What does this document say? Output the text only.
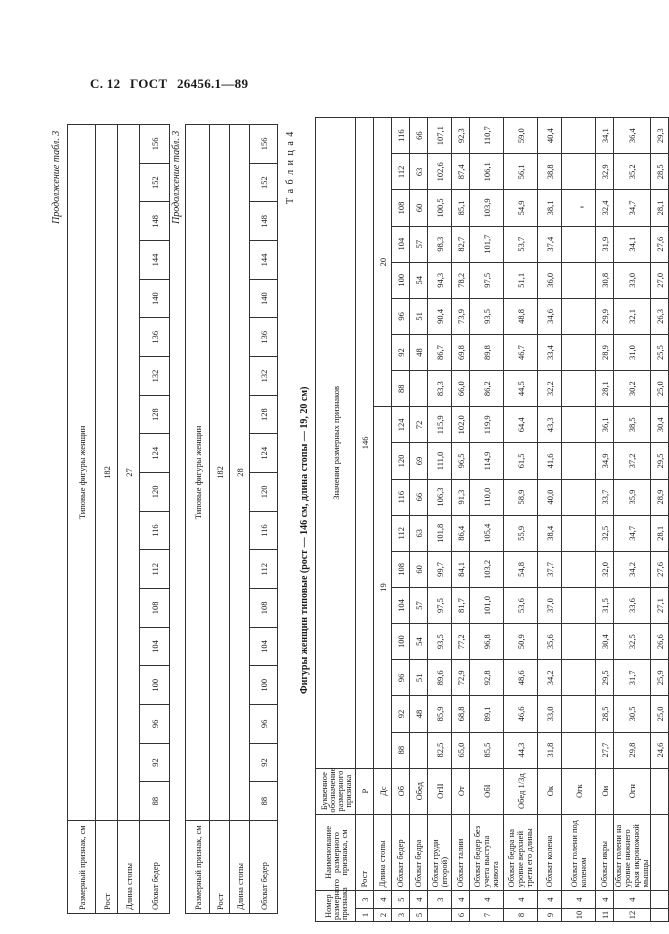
С. 12 ГОСТ 26456.1—89
-
Продолжение табл. 3
Размерный признак, см	Типовые фигуры женщин																	
Рост	182																	
Длина стопы	27																	
Обхват бедер	88	92	96	100	104	108	112	116	120	124	128	132	136	140	144	148	152	156 Продолжение табл. 3
Размерный признак, см	Типовые фигуры женщин																	
Рост	182																	
Длина стопы	28																	
Обхват бедер	88	92	96	100	104	108	112	116	120	124	128	132	136	140	144	148	152	156 Т а б л и ц а 4
Фигуры женщин типовые (рост — 146 см, длина стопы — 19, 20 см)
Номер размерного признака		Наименование размерного признака, см	Буквенное обозначение размерного признака	Значения размерных признаков																	
1	3	Рост	Р	146																	
2	4	Длина стопы	Дс	19										20							
3	5	Обхват бедер	Об	88	92	96	100	104	108	112	116	120	124	88	92	96	100	104	108	112	116
5	4	Обхват бедра	Обед		48	51	54	57	60	63	66	69	72		48	51	54	57	60	63	66
	3	Обхват груди (второй)	ОгII	82,5	85,9	89,6	93,5	97,5	99,7	101,8	106,3	111,0	115,9	83,3	86,7	90,4	94,3	98,3	100,5	102,6	107,1
6	4	Обхват талии	От	65,0	68,8	72,9	77,2	81,7	84,1	86,4	91,3	96,5	102,0	66,0	69,8	73,9	78,2	82,7	85,1	87,4	92,3
7	4	Обхват бедер без учета выступа живота	ОбI	85,5	89,1	92,8	96,8	101,0	103,2	105,4	110,0	114,9	119,9	86,2	89,8	93,5	97,5	101,7	103,9	106,1	110,7
8	4	Обхват бедра на уровне верхней трети его длины	Обед 1/3д	44,3	46,6	48,6	50,9	53,6	54,8	55,9	58,9	61,5	64,4	44,5	46,7	48,8	51,1	53,7	54,9	56,1	59,0
9	4	Обхват колена	Ок	31,8	33,0	34,2	35,6	37,0	37,7	38,4	40,0	41,6	43,3	32,2	33,4	34,6	36,0	37,4	38,1	38,8	40,4
10	4	Обхват голени под коленом	Огк																		
11	4	Обхват икры	Ои	27,7	28,5	29,5	30,4	31,5	32,0	32,5	33,7	34,9	36,1	28,1	28,9	29,9	30,8	31,9	32,4	32,9	34,1
12	4	Обхват голени на уровне нижнего края икроножной мышцы	Огн	29,8	30,5	31,7	32,5	33,6	34,2	34,7	35,9	37,2	38,5	30,2	31,0	32,1	33,0	34,1	34,7	35,2	36,4
				24,6	25,0	25,9	26,6	27,1	27,6	28,1	28,9	29,5	30,4	25,0	25,5	26,3	27,0	27,6	28,1	28,5	29,3
